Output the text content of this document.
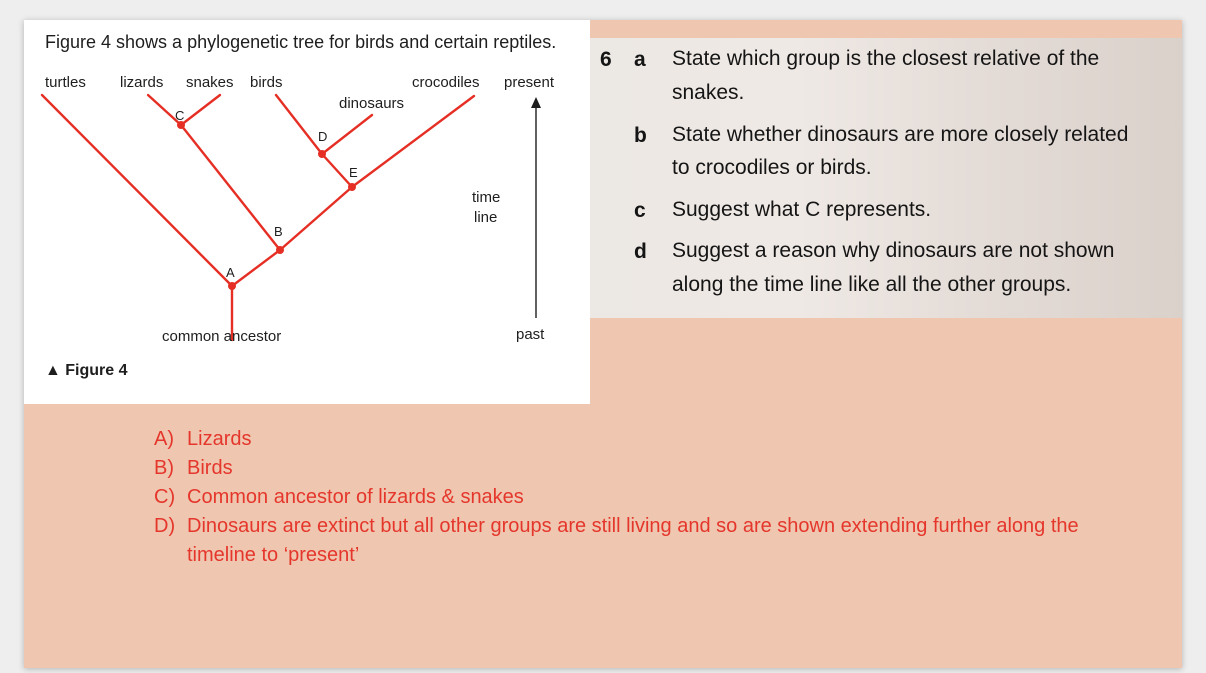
Figure 4 shows a phylogenetic tree for birds and certain reptiles.
turtles lizards snakes birds	crocodiles present
dinosaurs
C
D
E
B
A
time
line
past
common ancestor
▲ Figure 4
6 a State which group is the closest relative of the
snakes.
b State whether dinosaurs are more closely related
to crocodiles or birds.
c Suggest what C represents.
d Suggest a reason why dinosaurs are not shown
along the time line like all the other groups.
A) Lizards
B) Birds
C) Common ancestor of lizards & snakes
D) Dinosaurs are extinct but all other groups are still living and so are shown extending further along the timeline to ‘present’
